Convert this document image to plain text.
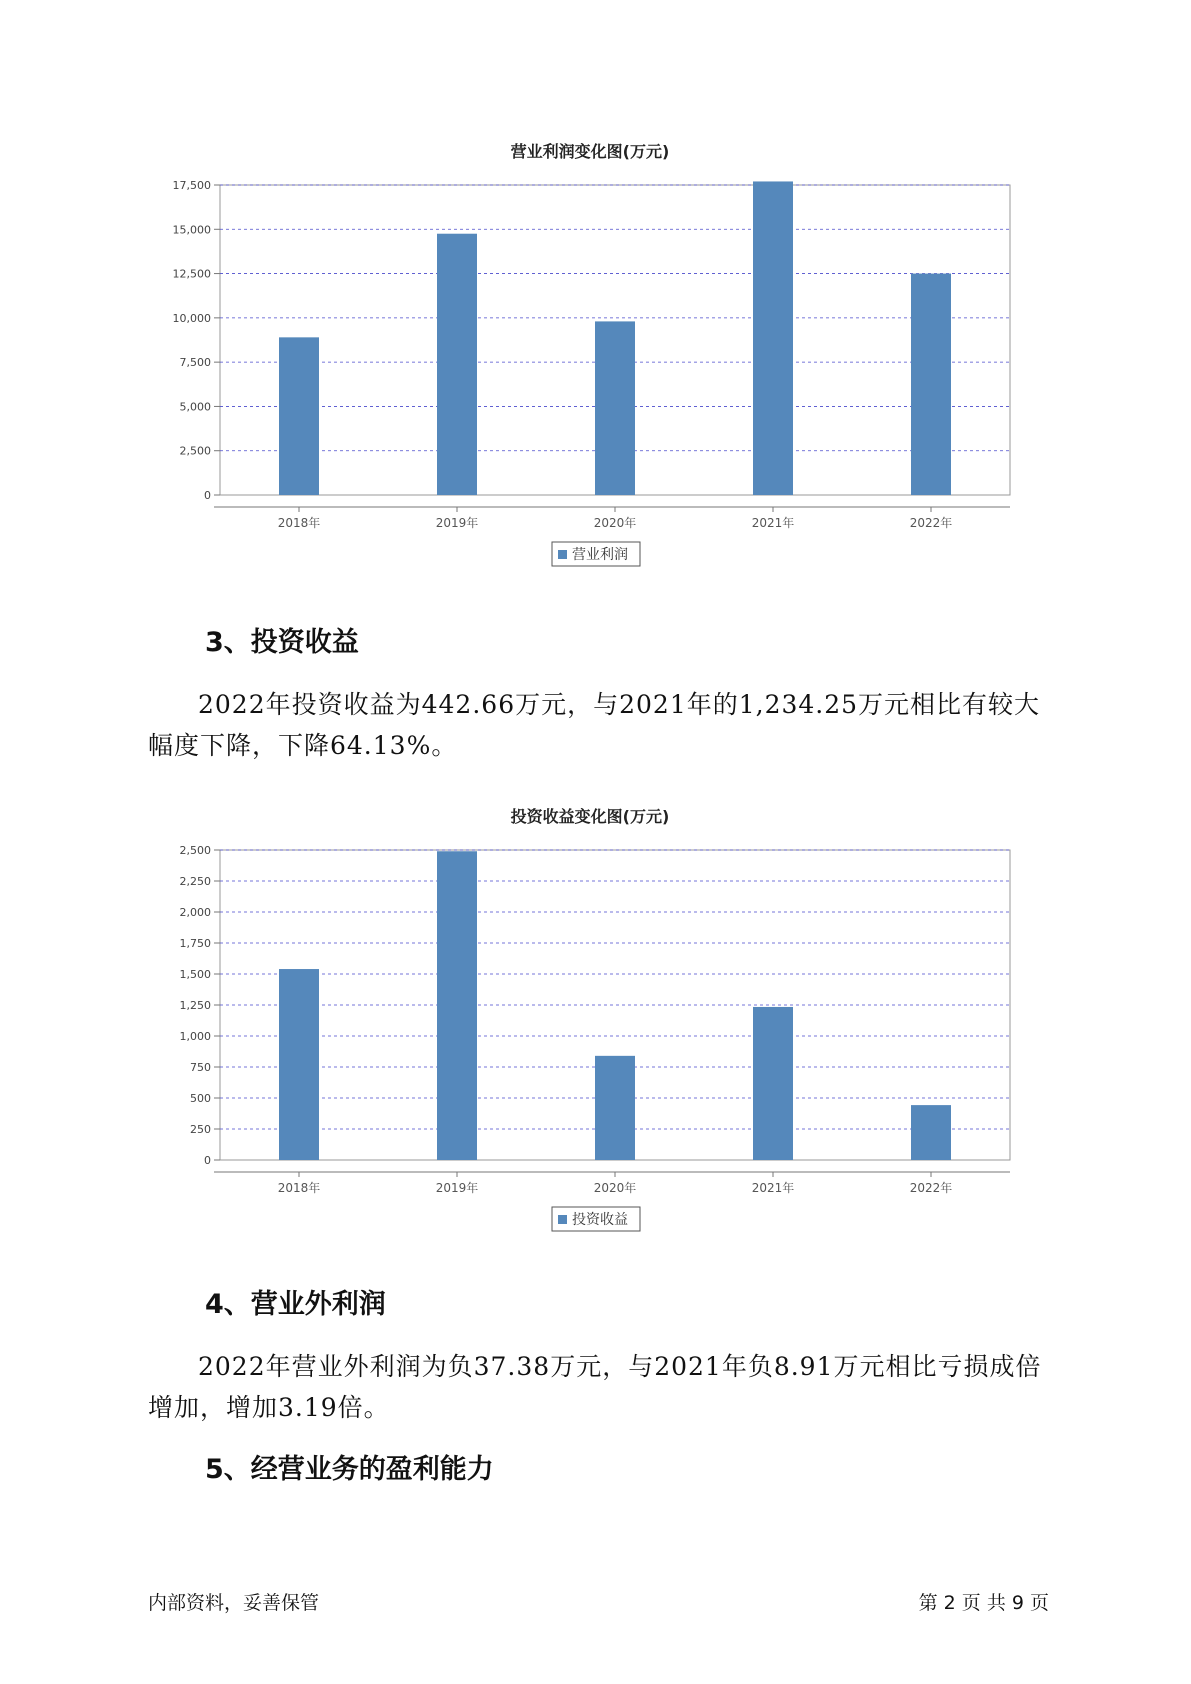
营业利润变化图(万元)
0
2,500
5,000
7,500
10,000
12,500
15,000
17,500
2018年	2019年	2020年	2021年	2022年
营业利润
3、投资收益

2022年投资收益为442.66万元，与2021年的1,234.25万元相比有较大
幅度下降，下降64.13%。

投资收益变化图(万元)
0
250
500
750
1,000
1,250
1,500
1,750
2,000
2,250
2,500
2018年	2019年	2020年	2021年	2022年
投资收益
4、营业外利润

2022年营业外利润为负37.38万元，与2021年负8.91万元相比亏损成倍
增加，增加3.19倍。

5、经营业务的盈利能力
内部资料，妥善保管	第 2 页 共 9 页
